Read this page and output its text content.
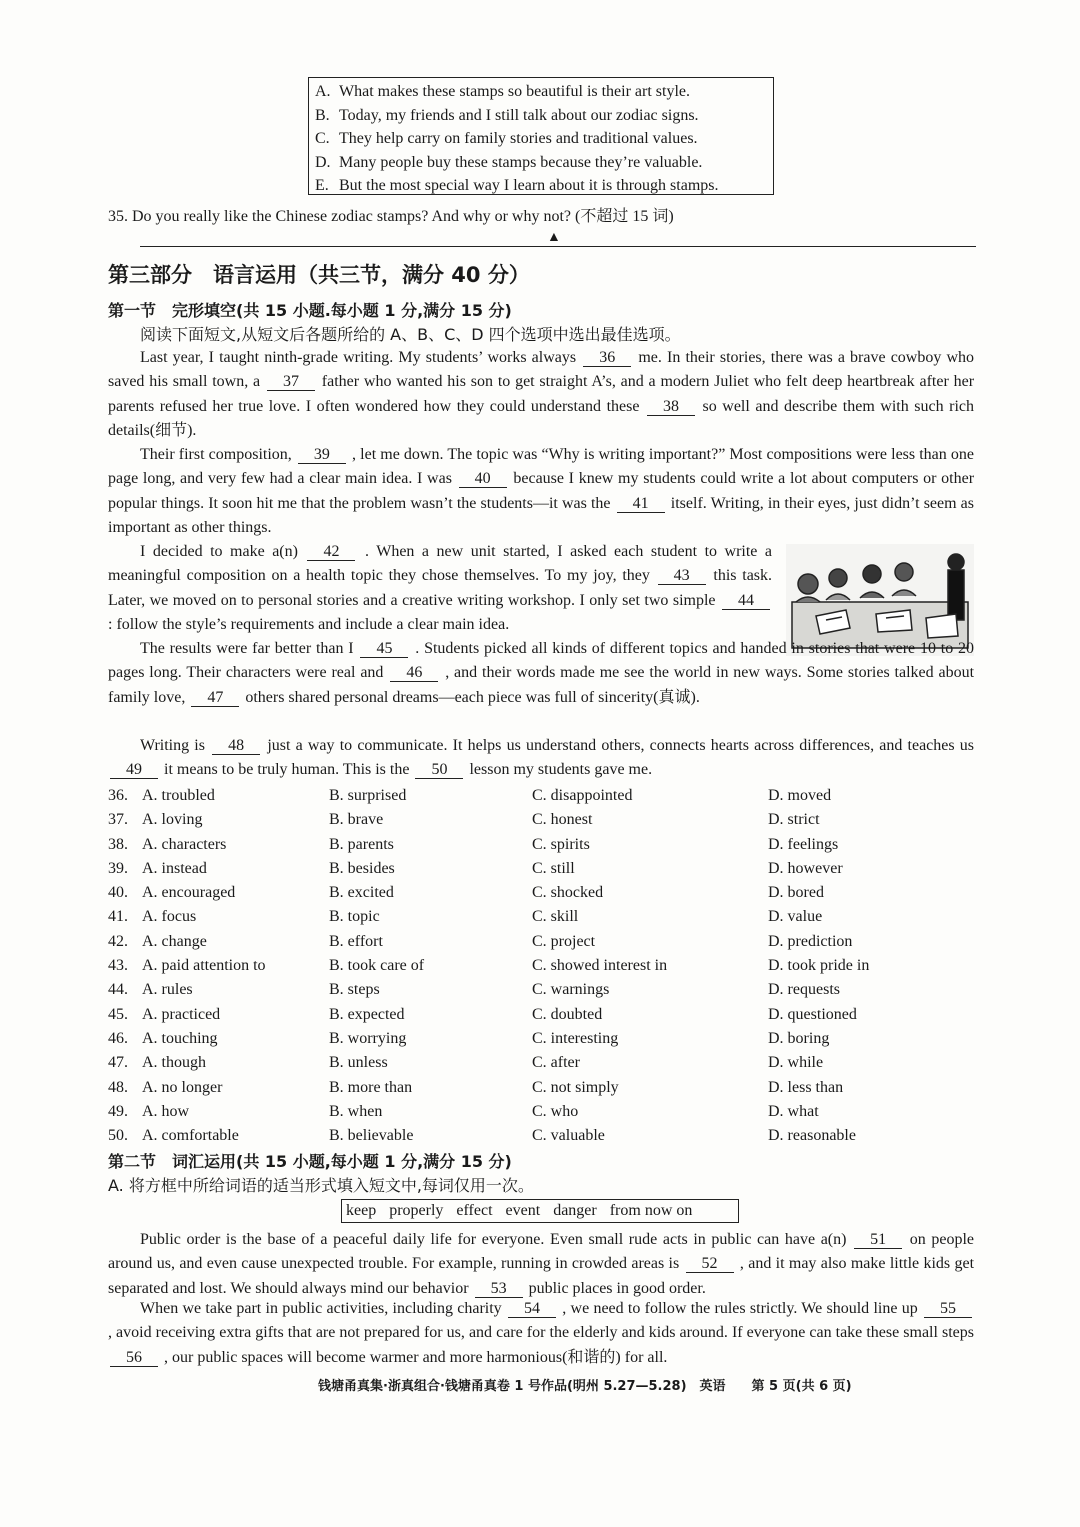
A. What makes these stamps so beautiful is their art style.
B. Today, my friends and I still talk about our zodiac signs.
C. They help carry on family stories and traditional values.
D. Many people buy these stamps because they’re valuable.
E. But the most special way I learn about it is through stamps.
35. Do you really like the Chinese zodiac stamps? And why or why not? (不超过 15 词)
▲
第三部分　语言运用（共三节，满分 40 分）
第一节　完形填空(共 15 小题.每小题 1 分,满分 15 分)
阅读下面短文,从短文后各题所给的 A、B、C、D 四个选项中选出最佳选项。
Last year, I taught ninth-grade writing. My students’ works always 36 me. In their stories, there was a brave cowboy who saved his small town, a 37 father who wanted his son to get straight A’s, and a modern Juliet who felt deep heartbreak after her parents refused her true love. I often wondered how they could understand these 38 so well and describe them with such rich details(细节).
Their first composition, 39 , let me down. The topic was “Why is writing important?” Most compositions were less than one page long, and very few had a clear main idea. I was 40 because I knew my students could write a lot about computers or other popular things. It soon hit me that the problem wasn’t the students—it was the 41 itself. Writing, in their eyes, just didn’t seem as important as other things.
I decided to make a(n) 42 . When a new unit started, I asked each student to write a meaningful composition on a health topic they chose themselves. To my joy, they 43 this task. Later, we moved on to personal stories and a creative writing workshop. I only set two simple 44 : follow the style’s requirements and include a clear main idea.
The results were far better than I 45 . Students picked all kinds of different topics and handed in stories that were 10 to 20 pages long. Their characters were real and 46 , and their words made me see the world in new ways. Some stories talked about family love, 47 others shared personal dreams—each piece was full of sincerity(真诚).
Writing is 48 just a way to communicate. It helps us understand others, connects hearts across differences, and teaches us 49 it means to be truly human. This is the 50 lesson my students gave me.
36. A. troubled	B. surprised	C. disappointed	D. moved
37. A. loving	B. brave	C. honest	D. strict
38. A. characters	B. parents	C. spirits	D. feelings
39. A. instead	B. besides	C. still	D. however
40. A. encouraged	B. excited	C. shocked	D. bored
41. A. focus	B. topic	C. skill	D. value
42. A. change	B. effort	C. project	D. prediction
43. A. paid attention to	B. took care of	C. showed interest in	D. took pride in
44. A. rules	B. steps	C. warnings	D. requests
45. A. practiced	B. expected	C. doubted	D. questioned
46. A. touching	B. worrying	C. interesting	D. boring
47. A. though	B. unless	C. after	D. while
48. A. no longer	B. more than	C. not simply	D. less than
49. A. how	B. when	C. who	D. what
50. A. comfortable	B. believable	C. valuable	D. reasonable
第二节　词汇运用(共 15 小题,每小题 1 分,满分 15 分)
A. 将方框中所给词语的适当形式填入短文中,每词仅用一次。
keep properly effect event danger from now on
Public order is the base of a peaceful daily life for everyone. Even small rude acts in public can have a(n) 51 on people around us, and even cause unexpected trouble. For example, running in crowded areas is 52 , and it may also make little kids get separated and lost. We should always mind our behavior 53 public places in good order.
When we take part in public activities, including charity 54 , we need to follow the rules strictly. We should line up 55 , avoid receiving extra gifts that are not prepared for us, and care for the elderly and kids around. If everyone can take these small steps 56 , our public spaces will become warmer and more harmonious(和谐的) for all.
钱塘甬真集·浙真组合·钱塘甬真卷 1 号作品(明州 5.27—5.28)　英语　　第 5 页(共 6 页)
